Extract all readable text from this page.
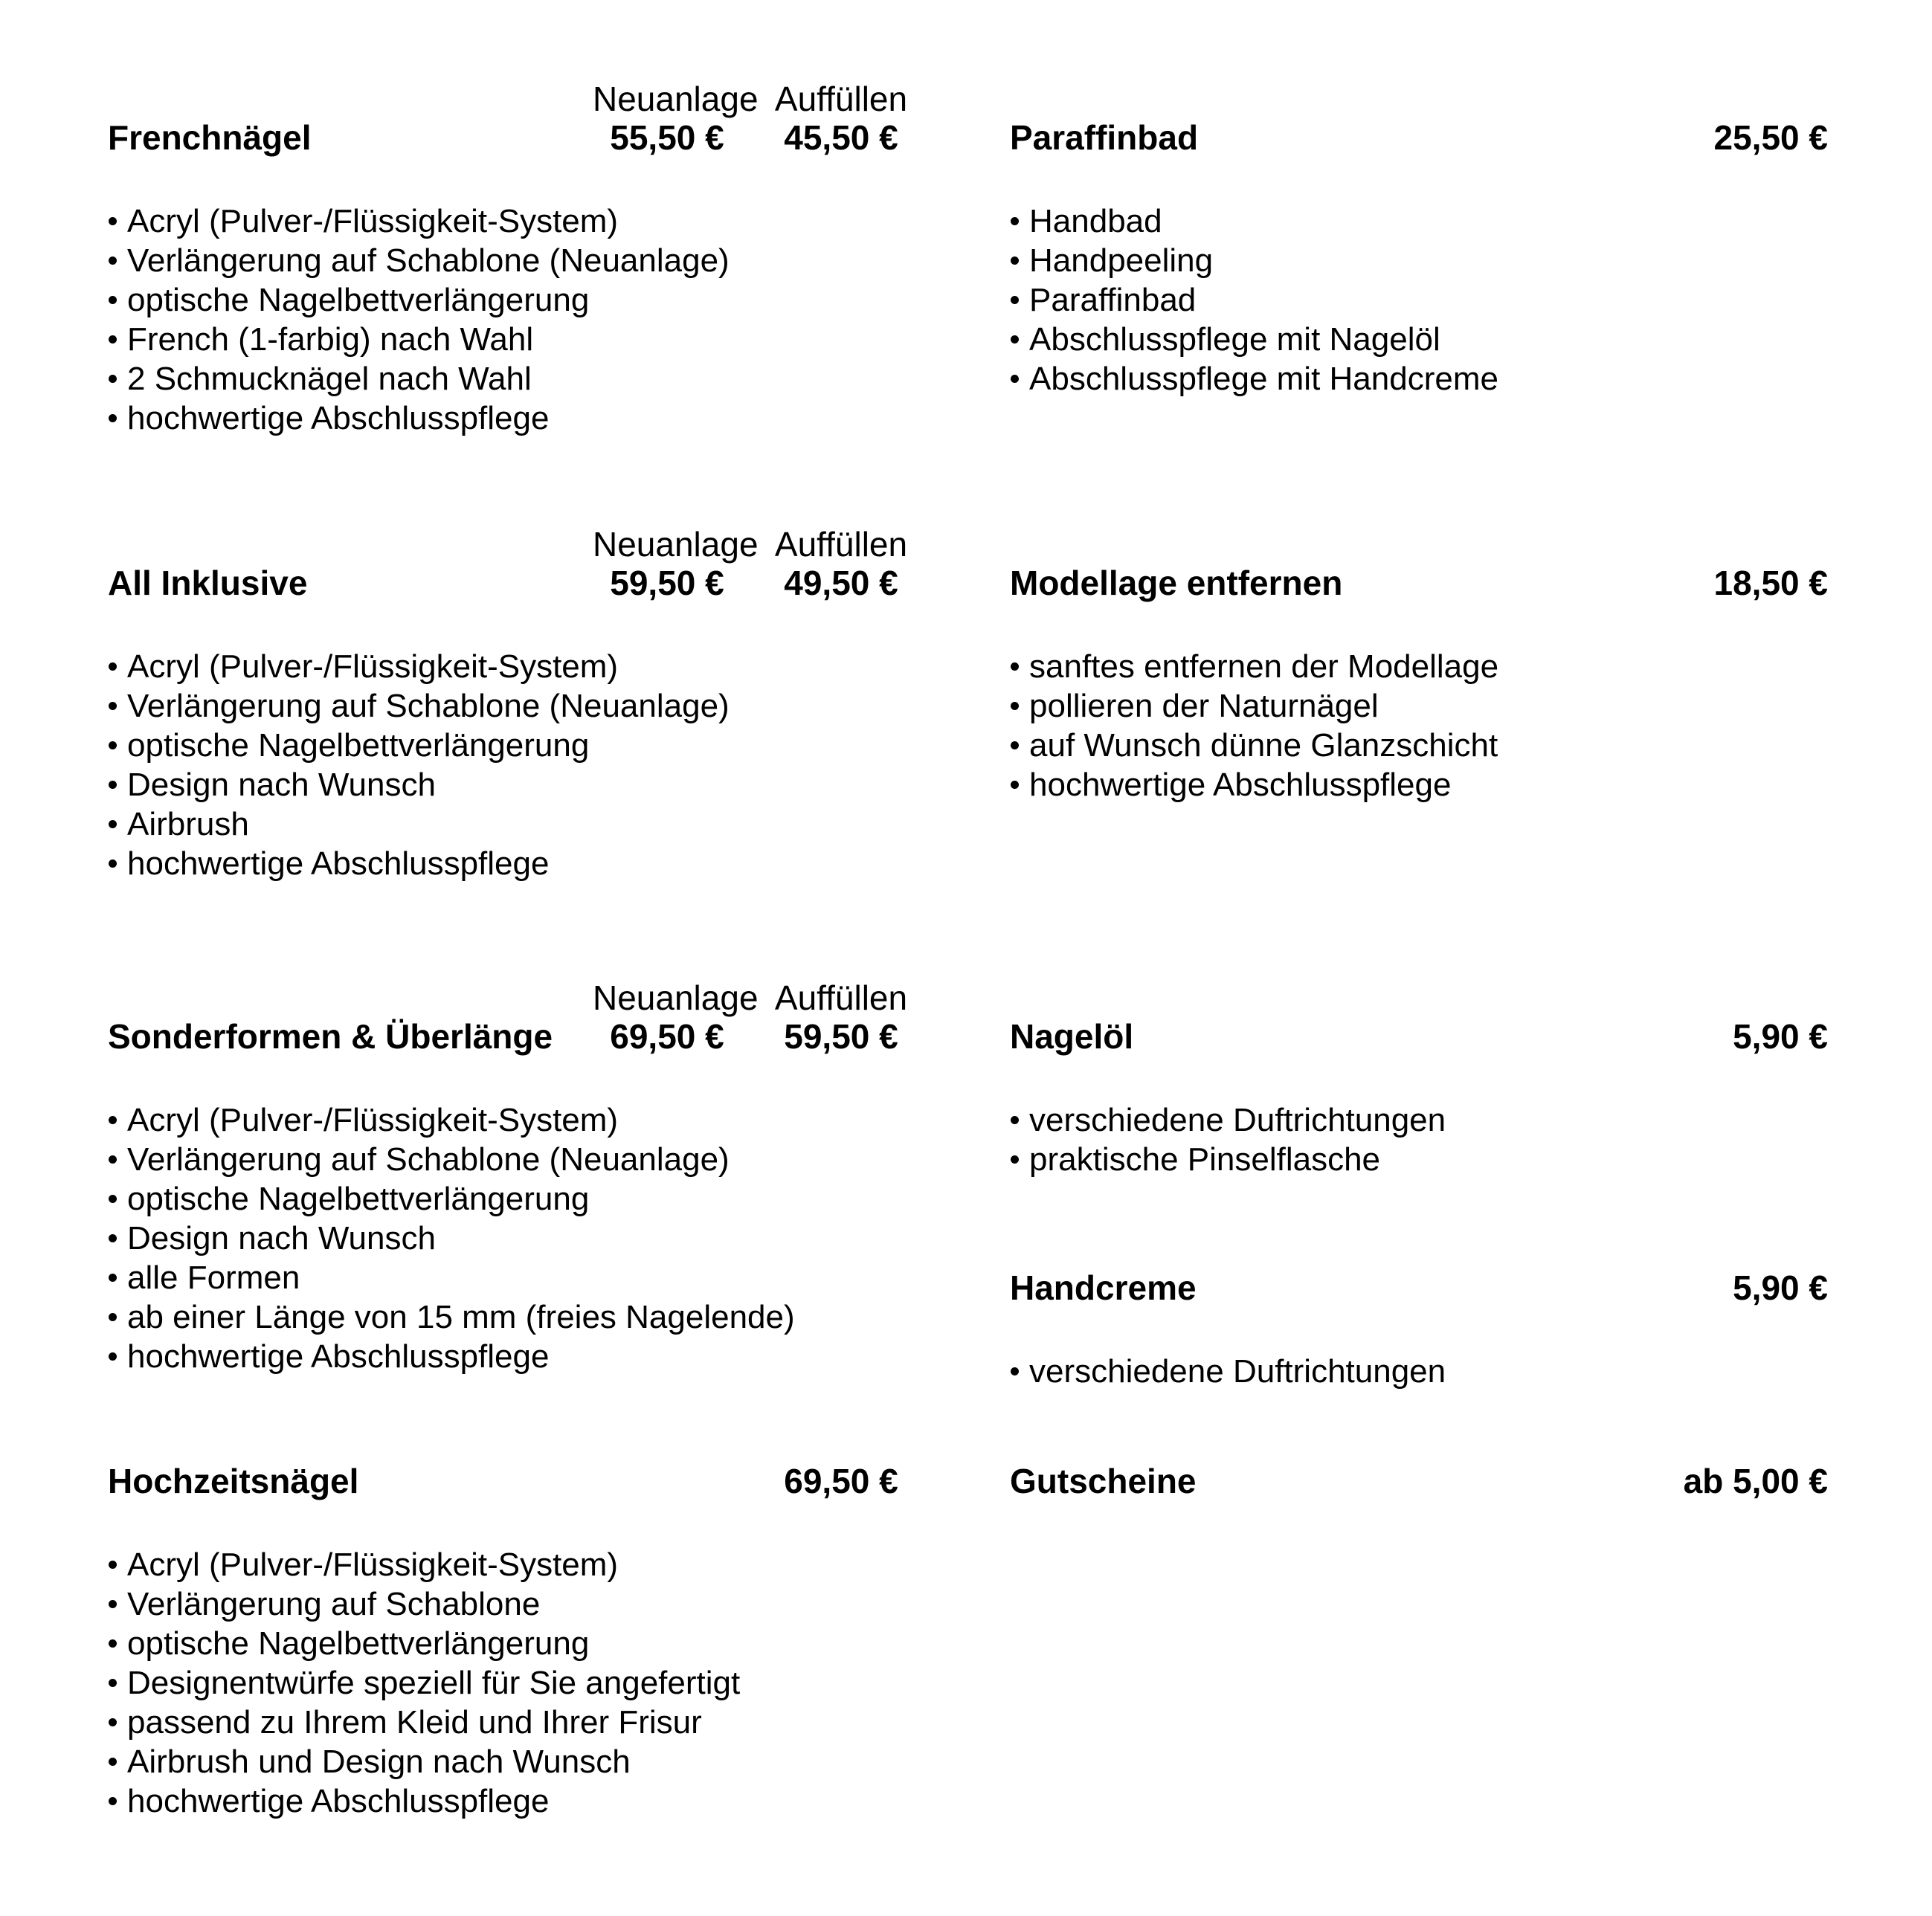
Neuanlage Auffüllen
Frenchnägel	55,50 €	45,50 €
Acryl (Pulver-/Flüssigkeit-System)
Verlängerung auf Schablone (Neuanlage)
optische Nagelbettverlängerung
French (1-farbig) nach Wahl
2 Schmucknägel nach Wahl
hochwertige Abschlusspflege
Neuanlage Auffüllen
All Inklusive	59,50 €	49,50 €
Acryl (Pulver-/Flüssigkeit-System)
Verlängerung auf Schablone (Neuanlage)
optische Nagelbettverlängerung
Design nach Wunsch
Airbrush
hochwertige Abschlusspflege
Neuanlage Auffüllen
Sonderformen & Überlänge	69,50 €	59,50 €
Acryl (Pulver-/Flüssigkeit-System)
Verlängerung auf Schablone (Neuanlage)
optische Nagelbettverlängerung
Design nach Wunsch
alle Formen
ab einer Länge von 15 mm (freies Nagelende)
hochwertige Abschlusspflege
Hochzeitsnägel	69,50 €
Acryl (Pulver-/Flüssigkeit-System)
Verlängerung auf Schablone
optische Nagelbettverlängerung
Designentwürfe speziell für Sie angefertigt
passend zu Ihrem Kleid und Ihrer Frisur
Airbrush und Design nach Wunsch
hochwertige Abschlusspflege
Paraffinbad	25,50 €
Handbad
Handpeeling
Paraffinbad
Abschlusspflege mit Nagelöl
Abschlusspflege mit Handcreme
Modellage entfernen	18,50 €
sanftes entfernen der Modellage
pollieren der Naturnägel
auf Wunsch dünne Glanzschicht
hochwertige Abschlusspflege
Nagelöl	5,90 €
verschiedene Duftrichtungen
praktische Pinselflasche
Handcreme	5,90 €
verschiedene Duftrichtungen
Gutscheine	ab 5,00 €
